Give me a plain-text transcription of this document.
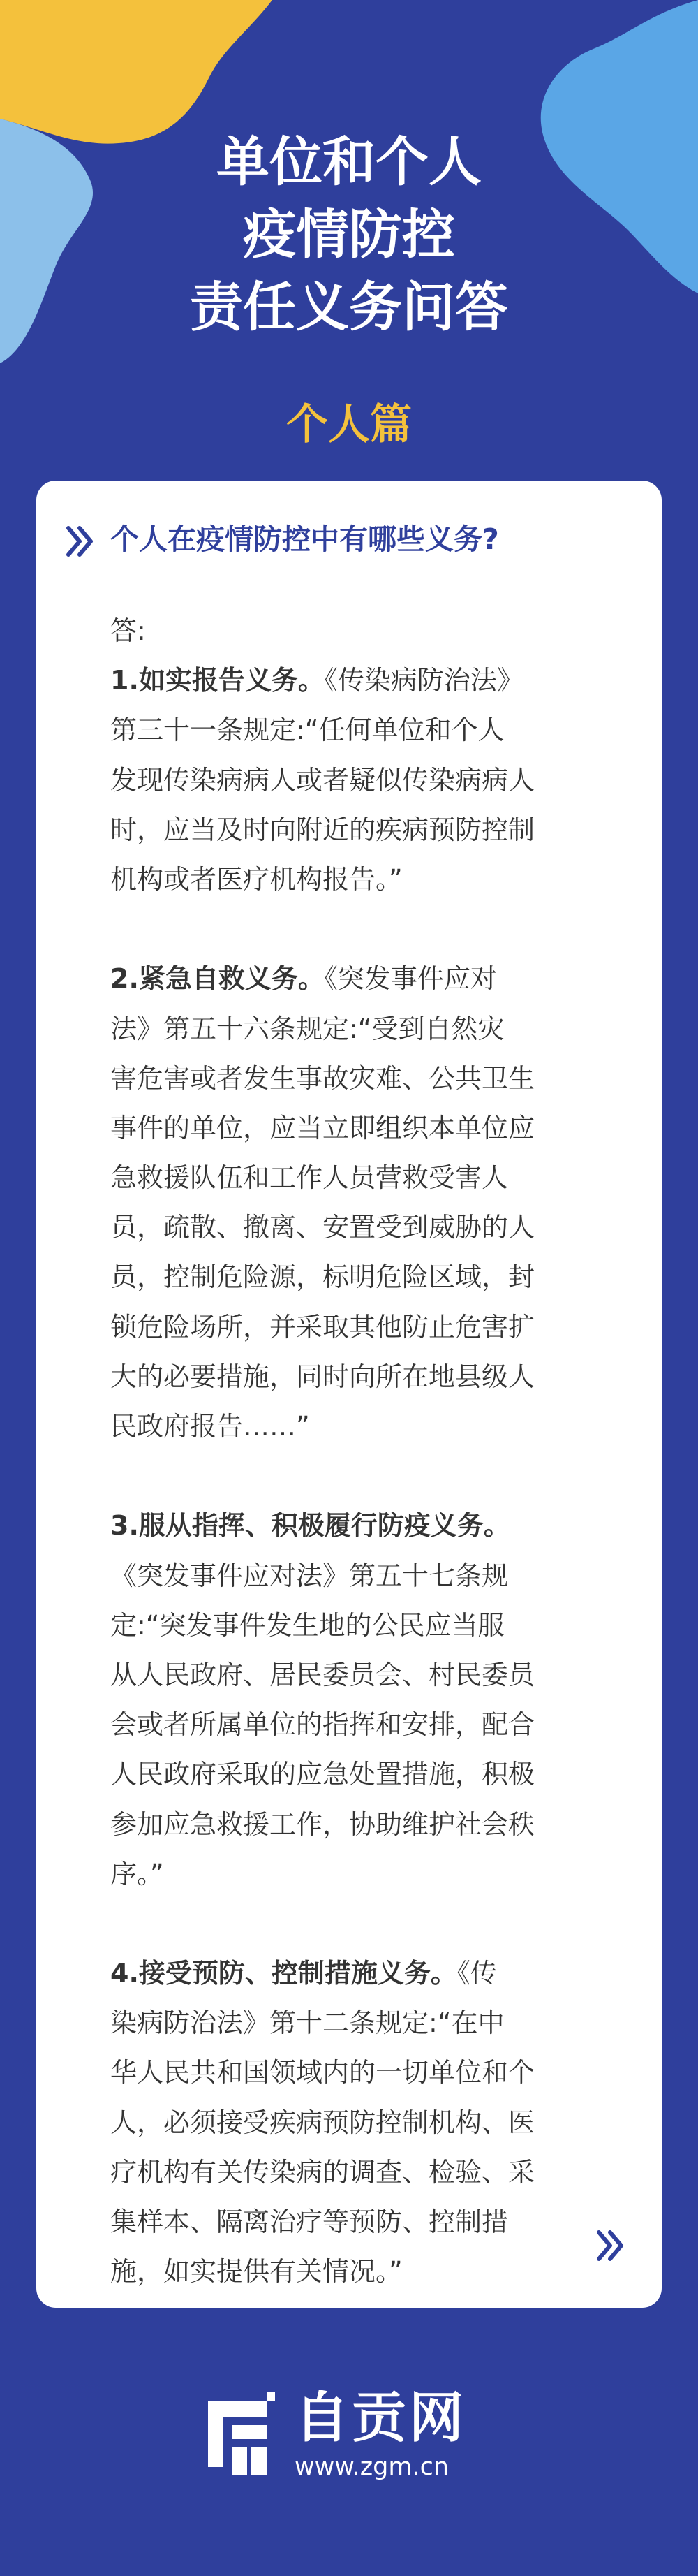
单位和个人
疫情防控
责任义务问答
个人篇
个人在疫情防控中有哪些义务?
答:
1.如实报告义务。《传染病防治法》
第三十一条规定:“任何单位和个人
发现传染病病人或者疑似传染病病人
时，应当及时向附近的疾病预防控制
机构或者医疗机构报告。”
2.紧急自救义务。《突发事件应对
法》第五十六条规定:“受到自然灾
害危害或者发生事故灾难、公共卫生
事件的单位，应当立即组织本单位应
急救援队伍和工作人员营救受害人
员，疏散、撤离、安置受到威胁的人
员，控制危险源，标明危险区域，封
锁危险场所，并采取其他防止危害扩
大的必要措施，同时向所在地县级人
民政府报告……”
3.服从指挥、积极履行防疫义务。
《突发事件应对法》第五十七条规
定:“突发事件发生地的公民应当服
从人民政府、居民委员会、村民委员
会或者所属单位的指挥和安排，配合
人民政府采取的应急处置措施，积极
参加应急救援工作，协助维护社会秩
序。”
4.接受预防、控制措施义务。《传
染病防治法》第十二条规定:“在中
华人民共和国领域内的一切单位和个
人，必须接受疾病预防控制机构、医
疗机构有关传染病的调查、检验、采
集样本、隔离治疗等预防、控制措
施，如实提供有关情况。”
自贡网
www.zgm.cn
